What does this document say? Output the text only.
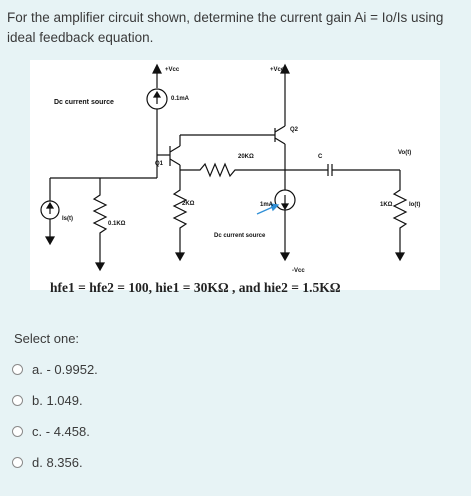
For the amplifier circuit shown, determine the current gain Ai = Io/Is using ideal feedback equation.
+Vcc	+Vcc
Dc current source	0.1mA
Q2
Q1
20KΩ	C
Vo(t)
2KΩ	1mA	1KΩ	Io(t)
Is(t)
0.1KΩ
Dc current source
-Vcc
hfe1 = hfe2 = 100, hie1 = 30KΩ , and hie2 = 1.5KΩ
Select one:
a.
- 0.9952.
b.
1.049.
c.
- 4.458.
d.
8.356.
